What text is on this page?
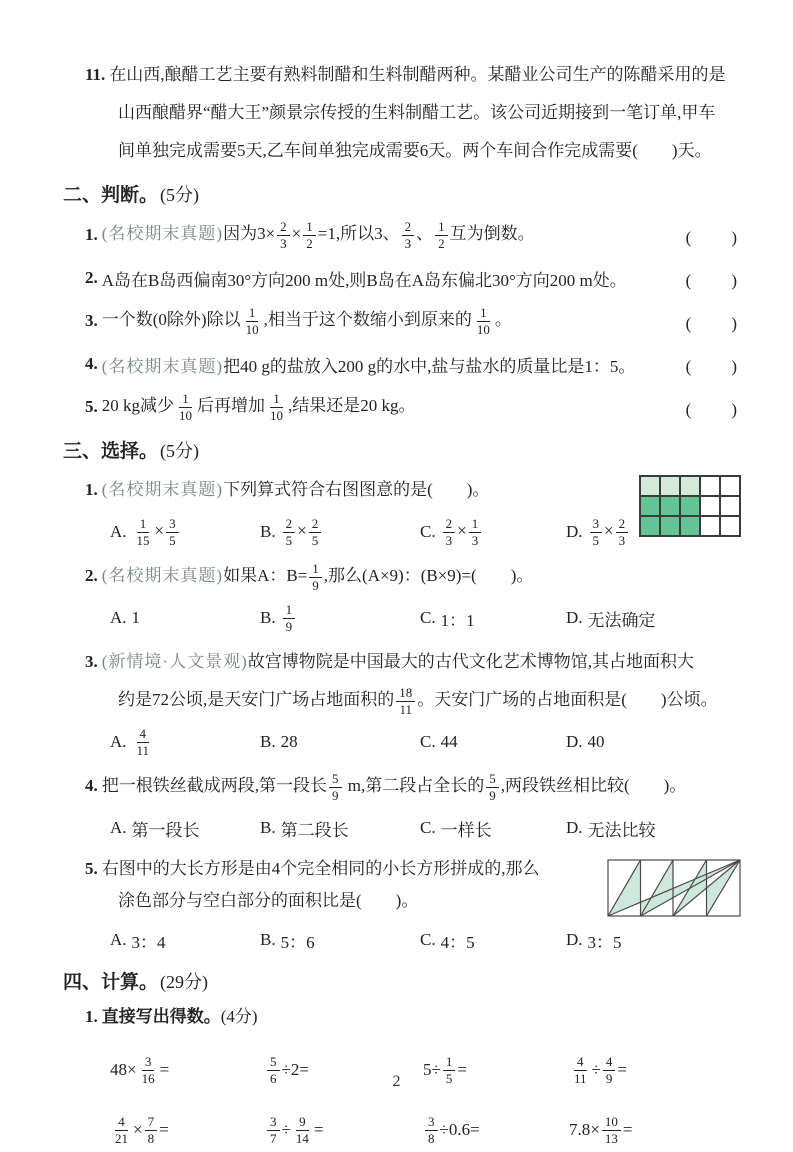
11. 在山西,酿醋工艺主要有熟料制醋和生料制醋两种。某醋业公司生产的陈醋采用的是
山西酿醋界“醋大王”颜景宗传授的生料制醋工艺。该公司近期接到一笔订单,甲车
间单独完成需要5天,乙车间单独完成需要6天。两个车间合作完成需要(　　)天。
二、判断。 (5分)
1. (名校期末真题)因为$3\times \frac{2}{3} \times \frac{1}{2} =1$,所以3、 $\frac{2}{3}$ 、 $\frac{1}{2}$ 互为倒数。	(　　)
2. A岛在B岛西偏南30°方向200 m处,则B岛在A岛东偏北30°方向200 m处。	(　　)
3. 一个数(0除外)除以 $\frac{1}{10}$ ,相当于这个数缩小到原来的 $\frac{1}{10}$ 。	(　　)
4. (名校期末真题)把40 g的盐放入200 g的水中,盐与盐水的质量比是1：5。	(　　)
5. 20 kg减少 $\frac{1}{10}$ 后再增加 $\frac{1}{10}$ ,结果还是20 kg。	(　　)
三、选择。 (5分)
1. (名校期末真题)下列算式符合右图图意的是(　　)。
A. $\frac{1}{15} \times \frac{3}{5}$	B. $\frac{2}{5} \times \frac{2}{5}$	C. $\frac{2}{3} \times \frac{1}{3}$	D. $\frac{3}{5} \times \frac{2}{3}$
2. (名校期末真题)如果A：$B= \frac{1}{9}$ ,那么(A×9)：(B×9)=(　　)。
A. 1	B. $\frac{1}{9}$	C. 1：1	D. 无法确定
3. (新情境·人文景观)故宫博物院是中国最大的古代文化艺术博物馆,其占地面积大
约是72公顷,是天安门广场占地面积的 $\frac{18}{11}$ 。天安门广场的占地面积是(　　)公顷。
A. $\frac{4}{11}$	B. 28	C. 44	D. 40
4. 把一根铁丝截成两段,第一段长 $\frac{5}{9} m$,第二段占全长的 $\frac{5}{9}$ ,两段铁丝相比较(　　)。
A. 第一段长	B. 第二段长	C. 一样长	D. 无法比较
5. 右图中的大长方形是由4个完全相同的小长方形拼成的,那么
涂色部分与空白部分的面积比是(　　)。
A. 3：4	B. 5：6	C. 4：5	D. 3：5
四、计算。 (29分)
1. 直接写出得数。(4分)
$48\times \frac{3}{16}$ =	$\frac{5}{6} \div 2=$	$5\div \frac{1}{5}$ =	$\frac{4}{11} \div \frac{4}{9}$ =
$\frac{4}{21} \times \frac{7}{8}$ =	$\frac{3}{7} \div \frac{9}{14}$ =	$\frac{3}{8} \div 0.6=$	$7.8\times \frac{10}{13}$ =
2
